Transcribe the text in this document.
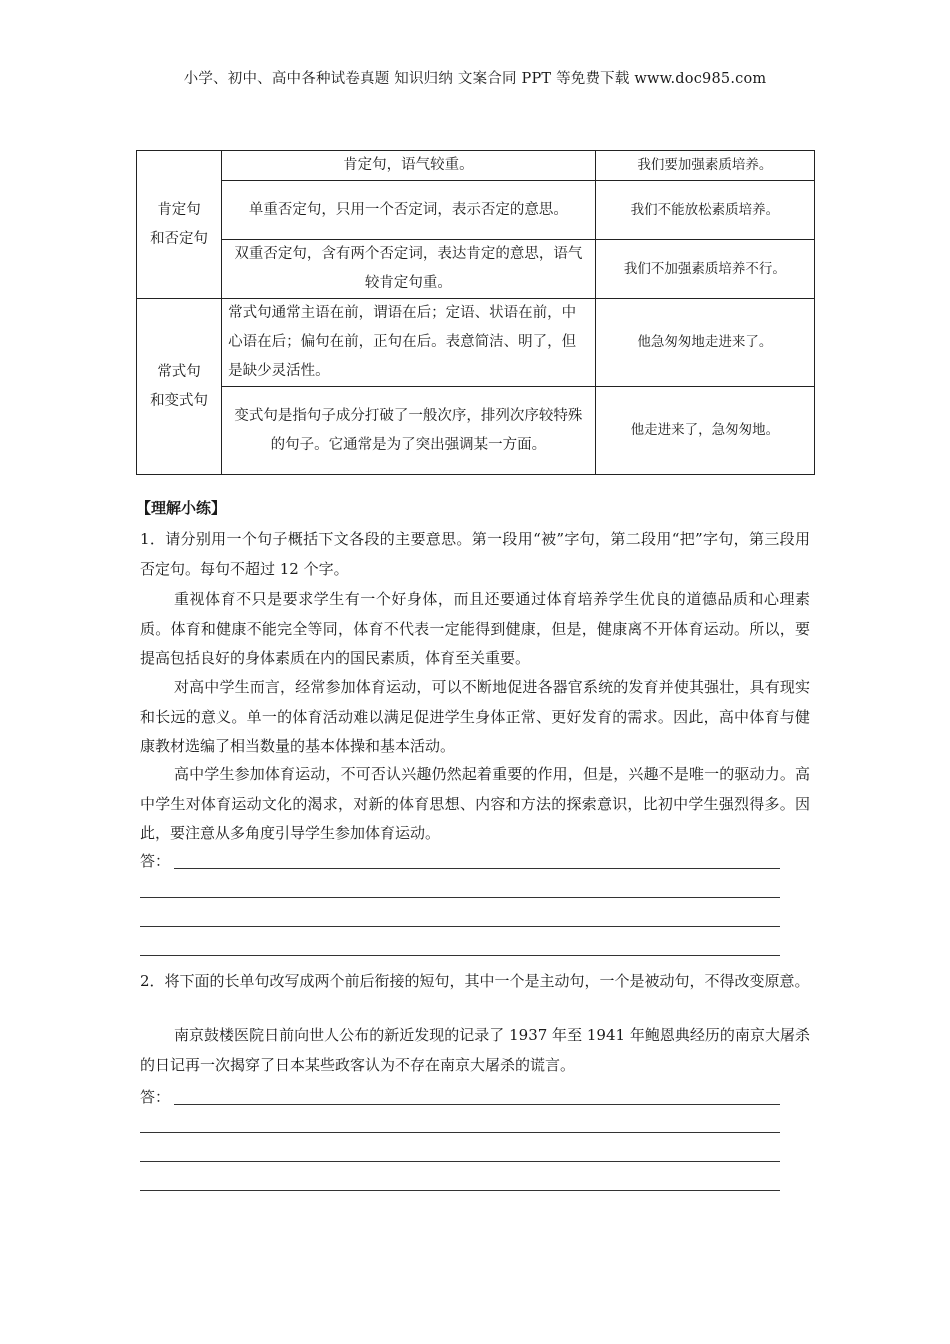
小学、初中、高中各种试卷真题 知识归纳 文案合同 PPT 等免费下载 www.doc985.com
肯定句
和否定句	肯定句，语气较重。	我们要加强素质培养。
	单重否定句，只用一个否定词，表示否定的意思。	我们不能放松素质培养。
	双重否定句，含有两个否定词，表达肯定的意思，语气较肯定句重。	我们不加强素质培养不行。

常式句
和变式句	常式句通常主语在前，谓语在后；定语、状语在前，中心语在后；偏句在前，正句在后。表意简洁、明了，但是缺少灵活性。	他急匆匆地走进来了。
	变式句是指句子成分打破了一般次序，排列次序较特殊的句子。它通常是为了突出强调某一方面。	他走进来了，急匆匆地。
【理解小练】
1．请分别用一个句子概括下文各段的主要意思。第一段用“被”字句，第二段用“把”字句，第三段用否定句。每句不超过 12 个字。
重视体育不只是要求学生有一个好身体，而且还要通过体育培养学生优良的道德品质和心理素质。体育和健康不能完全等同，体育不代表一定能得到健康，但是，健康离不开体育运动。所以，要提高包括良好的身体素质在内的国民素质，体育至关重要。
对高中学生而言，经常参加体育运动，可以不断地促进各器官系统的发育并使其强壮，具有现实和长远的意义。单一的体育活动难以满足促进学生身体正常、更好发育的需求。因此，高中体育与健康教材选编了相当数量的基本体操和基本活动。
高中学生参加体育运动，不可否认兴趣仍然起着重要的作用，但是，兴趣不是唯一的驱动力。高中学生对体育运动文化的渴求，对新的体育思想、内容和方法的探索意识，比初中学生强烈得多。因此，要注意从多角度引导学生参加体育运动。
答：
2．将下面的长单句改写成两个前后衔接的短句，其中一个是主动句，一个是被动句，不得改变原意。
南京鼓楼医院日前向世人公布的新近发现的记录了 1937 年至 1941 年鲍恩典经历的南京大屠杀的日记再一次揭穿了日本某些政客认为不存在南京大屠杀的谎言。
答：
